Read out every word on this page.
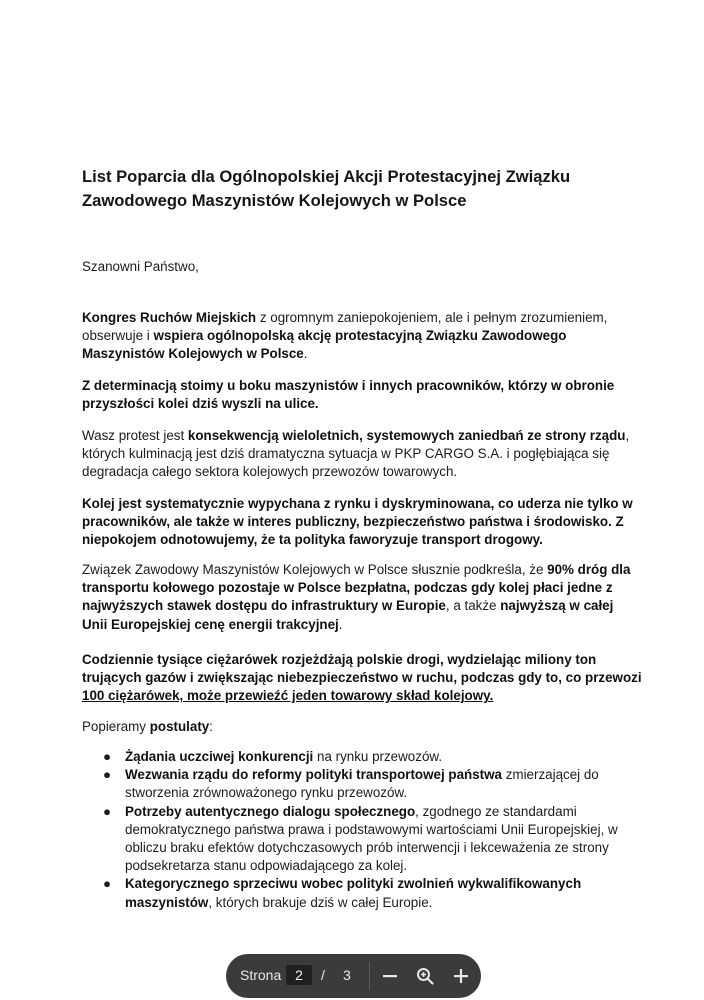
List Poparcia dla Ogólnopolskiej Akcji Protestacyjnej Związku
Zawodowego Maszynistów Kolejowych w Polsce
Szanowni Państwo,

Kongres Ruchów Miejskich z ogromnym zaniepokojeniem, ale i pełnym zrozumieniem, obserwuje i wspiera ogólnopolską akcję protestacyjną Związku Zawodowego Maszynistów Kolejowych w Polsce.

Z determinacją stoimy u boku maszynistów i innych pracowników, którzy w obronie przyszłości kolei dziś wyszli na ulice.

Wasz protest jest konsekwencją wieloletnich, systemowych zaniedbań ze strony rządu, których kulminacją jest dziś dramatyczna sytuacja w PKP CARGO S.A. i pogłębiająca się degradacja całego sektora kolejowych przewozów towarowych.

Kolej jest systematycznie wypychana z rynku i dyskryminowana, co uderza nie tylko w pracowników, ale także w interes publiczny, bezpieczeństwo państwa i środowisko. Z niepokojem odnotowujemy, że ta polityka faworyzuje transport drogowy.

Związek Zawodowy Maszynistów Kolejowych w Polsce słusznie podkreśla, że 90% dróg dla transportu kołowego pozostaje w Polsce bezpłatna, podczas gdy kolej płaci jedne z najwyższych stawek dostępu do infrastruktury w Europie, a także najwyższą w całej Unii Europejskiej cenę energii trakcyjnej.

Codziennie tysiące ciężarówek rozjeżdżają polskie drogi, wydzielając miliony ton trujących gazów i zwiększając niebezpieczeństwo w ruchu, podczas gdy to, co przewozi 100 ciężarówek, może przewieźć jeden towarowy skład kolejowy.

Popieramy postulaty:

● Żądania uczciwej konkurencji na rynku przewozów.
● Wezwania rządu do reformy polityki transportowej państwa zmierzającej do stworzenia zrównoważonego rynku przewozów.
● Potrzeby autentycznego dialogu społecznego, zgodnego ze standardami demokratycznego państwa prawa i podstawowymi wartościami Unii Europejskiej, w obliczu braku efektów dotychczasowych prób interwencji i lekceważenia ze strony podsekretarza stanu odpowiadającego za kolej.
● Kategorycznego sprzeciwu wobec polityki zwolnień wykwalifikowanych maszynistów, których brakuje dziś w całej Europie.
Strona
2	/ 3
